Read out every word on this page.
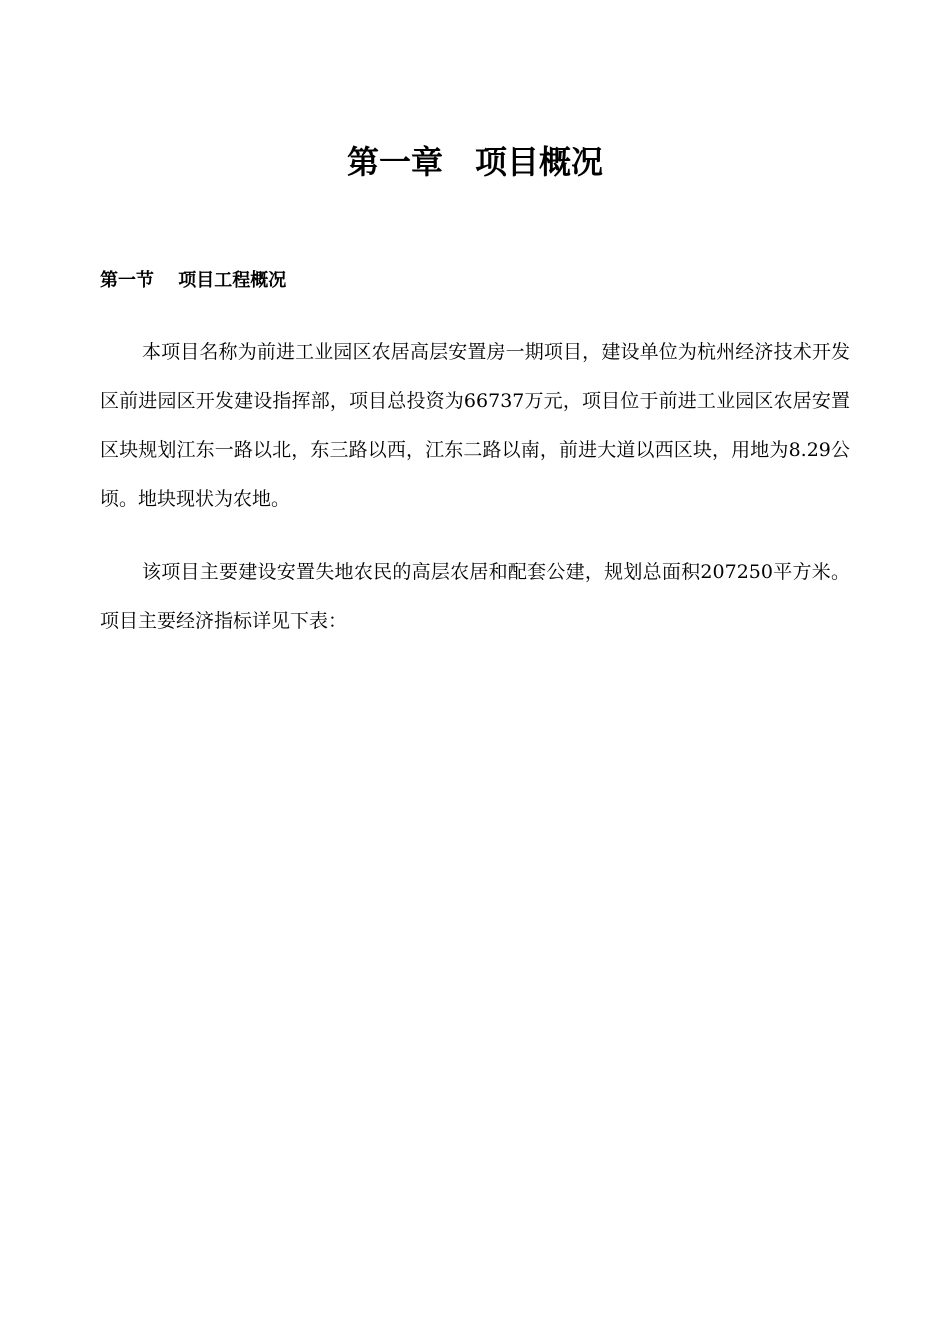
第一章　项目概况
第一节　 项目工程概况

本项目名称为前进工业园区农居高层安置房一期项目，建设单位为杭州经济技术开发区前进园区开发建设指挥部，项目总投资为66737万元，项目位于前进工业园区农居安置区块规划江东一路以北，东三路以西，江东二路以南，前进大道以西区块，用地为8.29公顷。地块现状为农地。

该项目主要建设安置失地农民的高层农居和配套公建，规划总面积207250平方米。项目主要经济指标详见下表：
